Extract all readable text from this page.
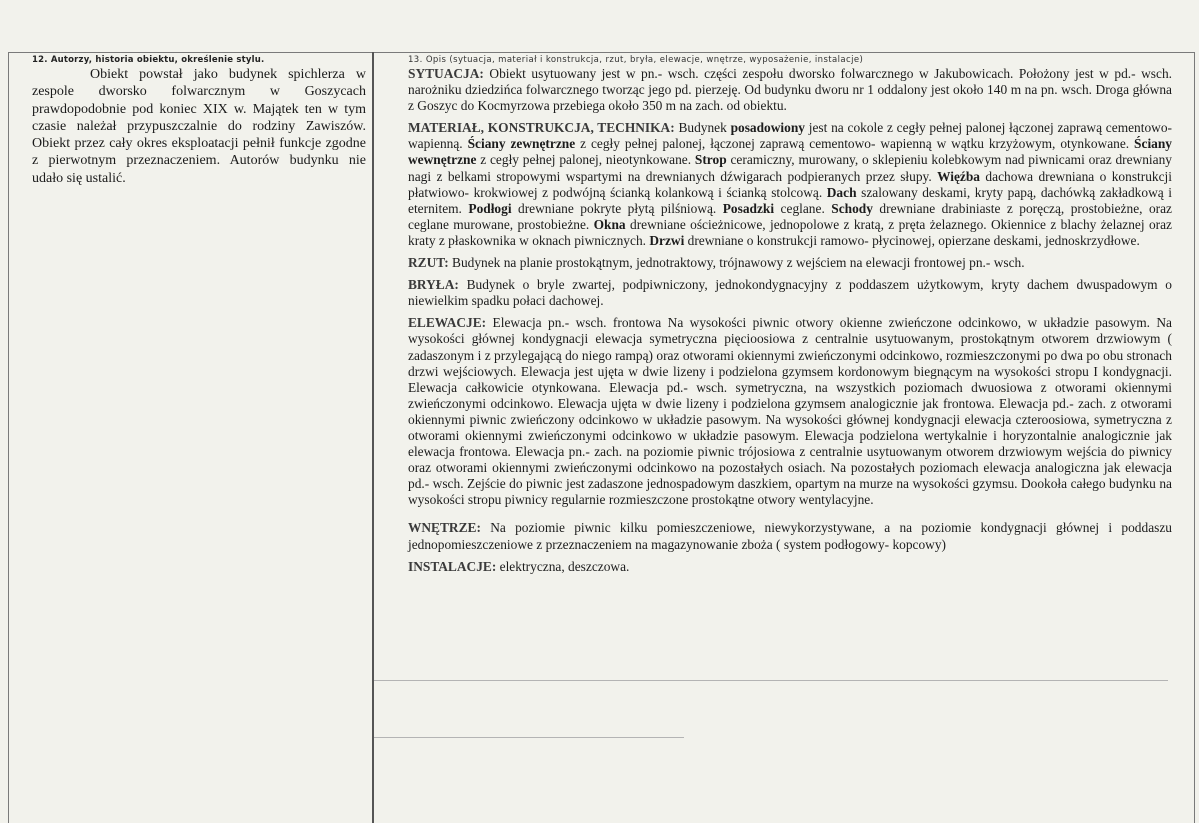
12. Autorzy, historia obiektu, określenie stylu.

Obiekt powstał jako budynek spichlerza w zespole dworsko folwarcznym w Goszycach prawdopodobnie pod koniec XIX w. Majątek ten w tym czasie należał przypuszczalnie do rodziny Zawiszów. Obiekt przez cały okres eksploatacji pełnił funkcje zgodne z pierwotnym przeznaczeniem. Autorów budynku nie udało się ustalić.

13. Opis (sytuacja, materiał i konstrukcja, rzut, bryła, elewacje, wnętrze, wyposażenie, instalacje)

SYTUACJA: Obiekt usytuowany jest w pn.- wsch. części zespołu dworsko folwarcznego w Jakubowicach. Położony jest w pd.- wsch. narożniku dziedzińca folwarcznego tworząc jego pd. pierzeję. Od budynku dworu nr 1 oddalony jest około 140 m na pn. wsch. Droga główna z Goszyc do Kocmyrzowa przebiega około 350 m na zach. od obiektu.

MATERIAŁ, KONSTRUKCJA, TECHNIKA: Budynek posadowiony jest na cokole z cegły pełnej palonej łączonej zaprawą cementowo- wapienną. Ściany zewnętrzne z cegły pełnej palonej, łączonej zaprawą cementowo- wapienną w wątku krzyżowym, otynkowane. Ściany wewnętrzne z cegły pełnej palonej, nieotynkowane. Strop ceramiczny, murowany, o sklepieniu kolebkowym nad piwnicami oraz drewniany nagi z belkami stropowymi wspartymi na drewnianych dźwigarach podpieranych przez słupy. Więźba dachowa drewniana o konstrukcji płatwiowo- krokwiowej z podwójną ścianką kolankową i ścianką stolcową. Dach szalowany deskami, kryty papą, dachówką zakładkową i eternitem. Podłogi drewniane pokryte płytą pilśniową. Posadzki ceglane. Schody drewniane drabiniaste z poręczą, prostobieżne, oraz ceglane murowane, prostobieżne. Okna drewniane ościeżnicowe, jednopolowe z kratą, z pręta żelaznego. Okiennice z blachy żelaznej oraz kraty z płaskownika w oknach piwnicznych. Drzwi drewniane o konstrukcji ramowo- płycinowej, opierzane deskami, jednoskrzydłowe.

RZUT: Budynek na planie prostokątnym, jednotraktowy, trójnawowy z wejściem na elewacji frontowej pn.- wsch.

BRYŁA: Budynek o bryle zwartej, podpiwniczony, jednokondygnacyjny z poddaszem użytkowym, kryty dachem dwuspadowym o niewielkim spadku połaci dachowej.

ELEWACJE: Elewacja pn.- wsch. frontowa Na wysokości piwnic otwory okienne zwieńczone odcinkowo, w układzie pasowym. Na wysokości głównej kondygnacji elewacja symetryczna pięcioosiowa z centralnie usytuowanym, prostokątnym otworem drzwiowym ( zadaszonym i z przylegającą do niego rampą) oraz otworami okiennymi zwieńczonymi odcinkowo, rozmieszczonymi po dwa po obu stronach drzwi wejściowych. Elewacja jest ujęta w dwie lizeny i podzielona gzymsem kordonowym biegnącym na wysokości stropu I kondygnacji. Elewacja całkowicie otynkowana. Elewacja pd.- wsch. symetryczna, na wszystkich poziomach dwuosiowa z otworami okiennymi zwieńczonymi odcinkowo. Elewacja ujęta w dwie lizeny i podzielona gzymsem analogicznie jak frontowa. Elewacja pd.- zach. z otworami okiennymi piwnic zwieńczony odcinkowo w układzie pasowym. Na wysokości głównej kondygnacji elewacja czteroosiowa, symetryczna z otworami okiennymi zwieńczonymi odcinkowo w układzie pasowym. Elewacja podzielona wertykalnie i horyzontalnie analogicznie jak elewacja frontowa. Elewacja pn.- zach. na poziomie piwnic trójosiowa z centralnie usytuowanym otworem drzwiowym wejścia do piwnicy oraz otworami okiennymi zwieńczonymi odcinkowo na pozostałych osiach. Na pozostałych poziomach elewacja analogiczna jak elewacja pd.- wsch. Zejście do piwnic jest zadaszone jednospadowym daszkiem, opartym na murze na wysokości gzymsu. Dookoła całego budynku na wysokości stropu piwnicy regularnie rozmieszczone prostokątne otwory wentylacyjne.

WNĘTRZE: Na poziomie piwnic kilku pomieszczeniowe, niewykorzystywane, a na poziomie kondygnacji głównej i poddaszu jednopomieszczeniowe z przeznaczeniem na magazynowanie zboża ( system podłogowy- kopcowy)

INSTALACJE: elektryczna, deszczowa.
